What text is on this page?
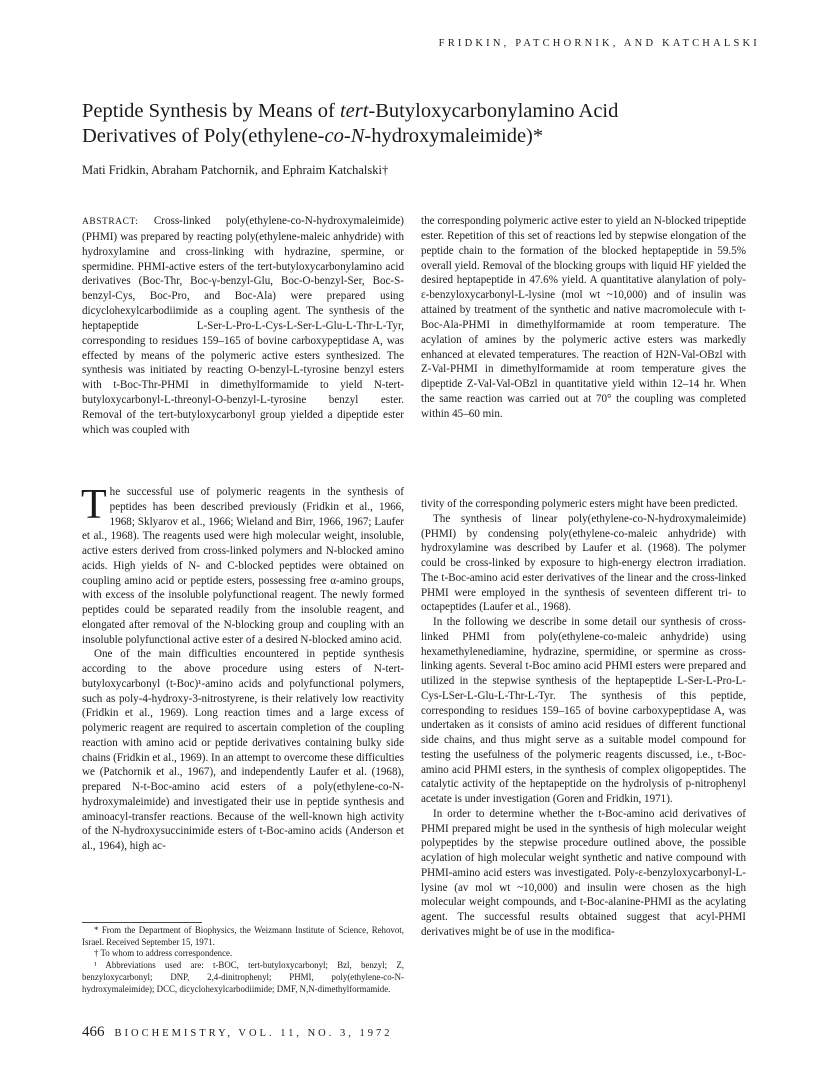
FRIDKIN, PATCHORNIK, AND KATCHALSKI
Peptide Synthesis by Means of tert-Butyloxycarbonylamino Acid
Derivatives of Poly(ethylene-co-N-hydroxymaleimide)*
Mati Fridkin, Abraham Patchornik, and Ephraim Katchalski†
ABSTRACT: Cross-linked poly(ethylene-co-N-hydroxymaleimide) (PHMI) was prepared by reacting poly(ethylene-maleic anhydride) with hydroxylamine and cross-linking with hydrazine, spermine, or spermidine. PHMI-active esters of the tert-butyloxycarbonylamino acid derivatives (Boc-Thr, Boc-γ-benzyl-Glu, Boc-O-benzyl-Ser, Boc-S-benzyl-Cys, Boc-Pro, and Boc-Ala) were prepared using dicyclohexylcarbodiimide as a coupling agent. The synthesis of the heptapeptide L-Ser-L-Pro-L-Cys-L-Ser-L-Glu-L-Thr-L-Tyr, corresponding to residues 159–165 of bovine carboxypeptidase A, was effected by means of the polymeric active esters synthesized. The synthesis was initiated by reacting O-benzyl-L-tyrosine benzyl esters with t-Boc-Thr-PHMI in dimethylformamide to yield N-tert-butyloxycarbonyl-L-threonyl-O-benzyl-L-tyrosine benzyl ester. Removal of the tert-butyloxycarbonyl group yielded a dipeptide ester which was coupled with
the corresponding polymeric active ester to yield an N-blocked tripeptide ester. Repetition of this set of reactions led by stepwise elongation of the peptide chain to the formation of the blocked heptapeptide in 59.5% overall yield. Removal of the blocking groups with liquid HF yielded the desired heptapeptide in 47.6% yield. A quantitative alanylation of poly-ε-benzyloxycarbonyl-L-lysine (mol wt ~10,000) and of insulin was attained by treatment of the synthetic and native macromolecule with t-Boc-Ala-PHMI in dimethylformamide at room temperature. The acylation of amines by the polymeric active esters was markedly enhanced at elevated temperatures. The reaction of H2N-Val-OBzl with Z-Val-PHMI in dimethylformamide at room temperature gives the dipeptide Z-Val-Val-OBzl in quantitative yield within 12–14 hr. When the same reaction was carried out at 70° the coupling was completed within 45–60 min.

The successful use of polymeric reagents in the synthesis of peptides has been described previously (Fridkin et al., 1966, 1968; Sklyarov et al., 1966; Wieland and Birr, 1966, 1967; Laufer et al., 1968). The reagents used were high molecular weight, insoluble, active esters derived from cross-linked polymers and N-blocked amino acids. High yields of N- and C-blocked peptides were obtained on coupling amino acid or peptide esters, possessing free α-amino groups, with excess of the insoluble polyfunctional reagent. The newly formed peptides could be separated readily from the insoluble reagent, and elongated after removal of the N-blocking group and coupling with an insoluble polyfunctional active ester of a desired N-blocked amino acid.

One of the main difficulties encountered in peptide synthesis according to the above procedure using esters of N-tert-butyloxycarbonyl (t-Boc)¹-amino acids and polyfunctional polymers, such as poly-4-hydroxy-3-nitrostyrene, is their relatively low reactivity (Fridkin et al., 1969). Long reaction times and a large excess of polymeric reagent are required to ascertain completion of the coupling reaction with amino acid or peptide derivatives containing bulky side chains (Fridkin et al., 1969). In an attempt to overcome these difficulties we (Patchornik et al., 1967), and independently Laufer et al. (1968), prepared N-t-Boc-amino acid esters of a poly(ethylene-co-N-hydroxymaleimide) and investigated their use in peptide synthesis and aminoacyl-transfer reactions. Because of the well-known high activity of the N-hydroxysuccinimide esters of t-Boc-amino acids (Anderson et al., 1964), high ac-

tivity of the corresponding polymeric esters might have been predicted.

The synthesis of linear poly(ethylene-co-N-hydroxymaleimide) (PHMI) by condensing poly(ethylene-co-maleic anhydride) with hydroxylamine was described by Laufer et al. (1968). The polymer could be cross-linked by exposure to high-energy electron irradiation. The t-Boc-amino acid ester derivatives of the linear and the cross-linked PHMI were employed in the synthesis of seventeen different tri- to octapeptides (Laufer et al., 1968).

In the following we describe in some detail our synthesis of cross-linked PHMI from poly(ethylene-co-maleic anhydride) using hexamethylenediamine, hydrazine, spermidine, or spermine as cross-linking agents. Several t-Boc amino acid PHMI esters were prepared and utilized in the stepwise synthesis of the heptapeptide L-Ser-L-Pro-L-Cys-LSer-L-Glu-L-Thr-L-Tyr. The synthesis of this peptide, corresponding to residues 159–165 of bovine carboxypeptidase A, was undertaken as it consists of amino acid residues of different functional side chains, and thus might serve as a suitable model compound for testing the usefulness of the polymeric reagents discussed, i.e., t-Boc-amino acid PHMI esters, in the synthesis of complex oligopeptides. The catalytic activity of the heptapeptide on the hydrolysis of p-nitrophenyl acetate is under investigation (Goren and Fridkin, 1971).

In order to determine whether the t-Boc-amino acid derivatives of PHMI prepared might be used in the synthesis of high molecular weight polypeptides by the stepwise procedure outlined above, the possible acylation of high molecular weight synthetic and native compound with PHMI-amino acid esters was investigated. Poly-ε-benzyloxycarbonyl-L-lysine (av mol wt ~10,000) and insulin were chosen as the high molecular weight compounds, and t-Boc-alanine-PHMI as the acylating agent. The successful results obtained suggest that acyl-PHMI derivatives might be of use in the modifica-

* From the Department of Biophysics, the Weizmann Institute of Science, Rehovot, Israel. Received September 15, 1971.

† To whom to address correspondence.

¹ Abbreviations used are: t-BOC, tert-butyloxycarbonyl; Bzl, benzyl; Z, benzyloxycarbonyl; DNP, 2,4-dinitrophenyl; PHMI, poly(ethylene-co-N-hydroxymaleimide); DCC, dicyclohexylcarbodiimide; DMF, N,N-dimethylformamide.

466 BIOCHEMISTRY, VOL. 11, NO. 3, 1972
